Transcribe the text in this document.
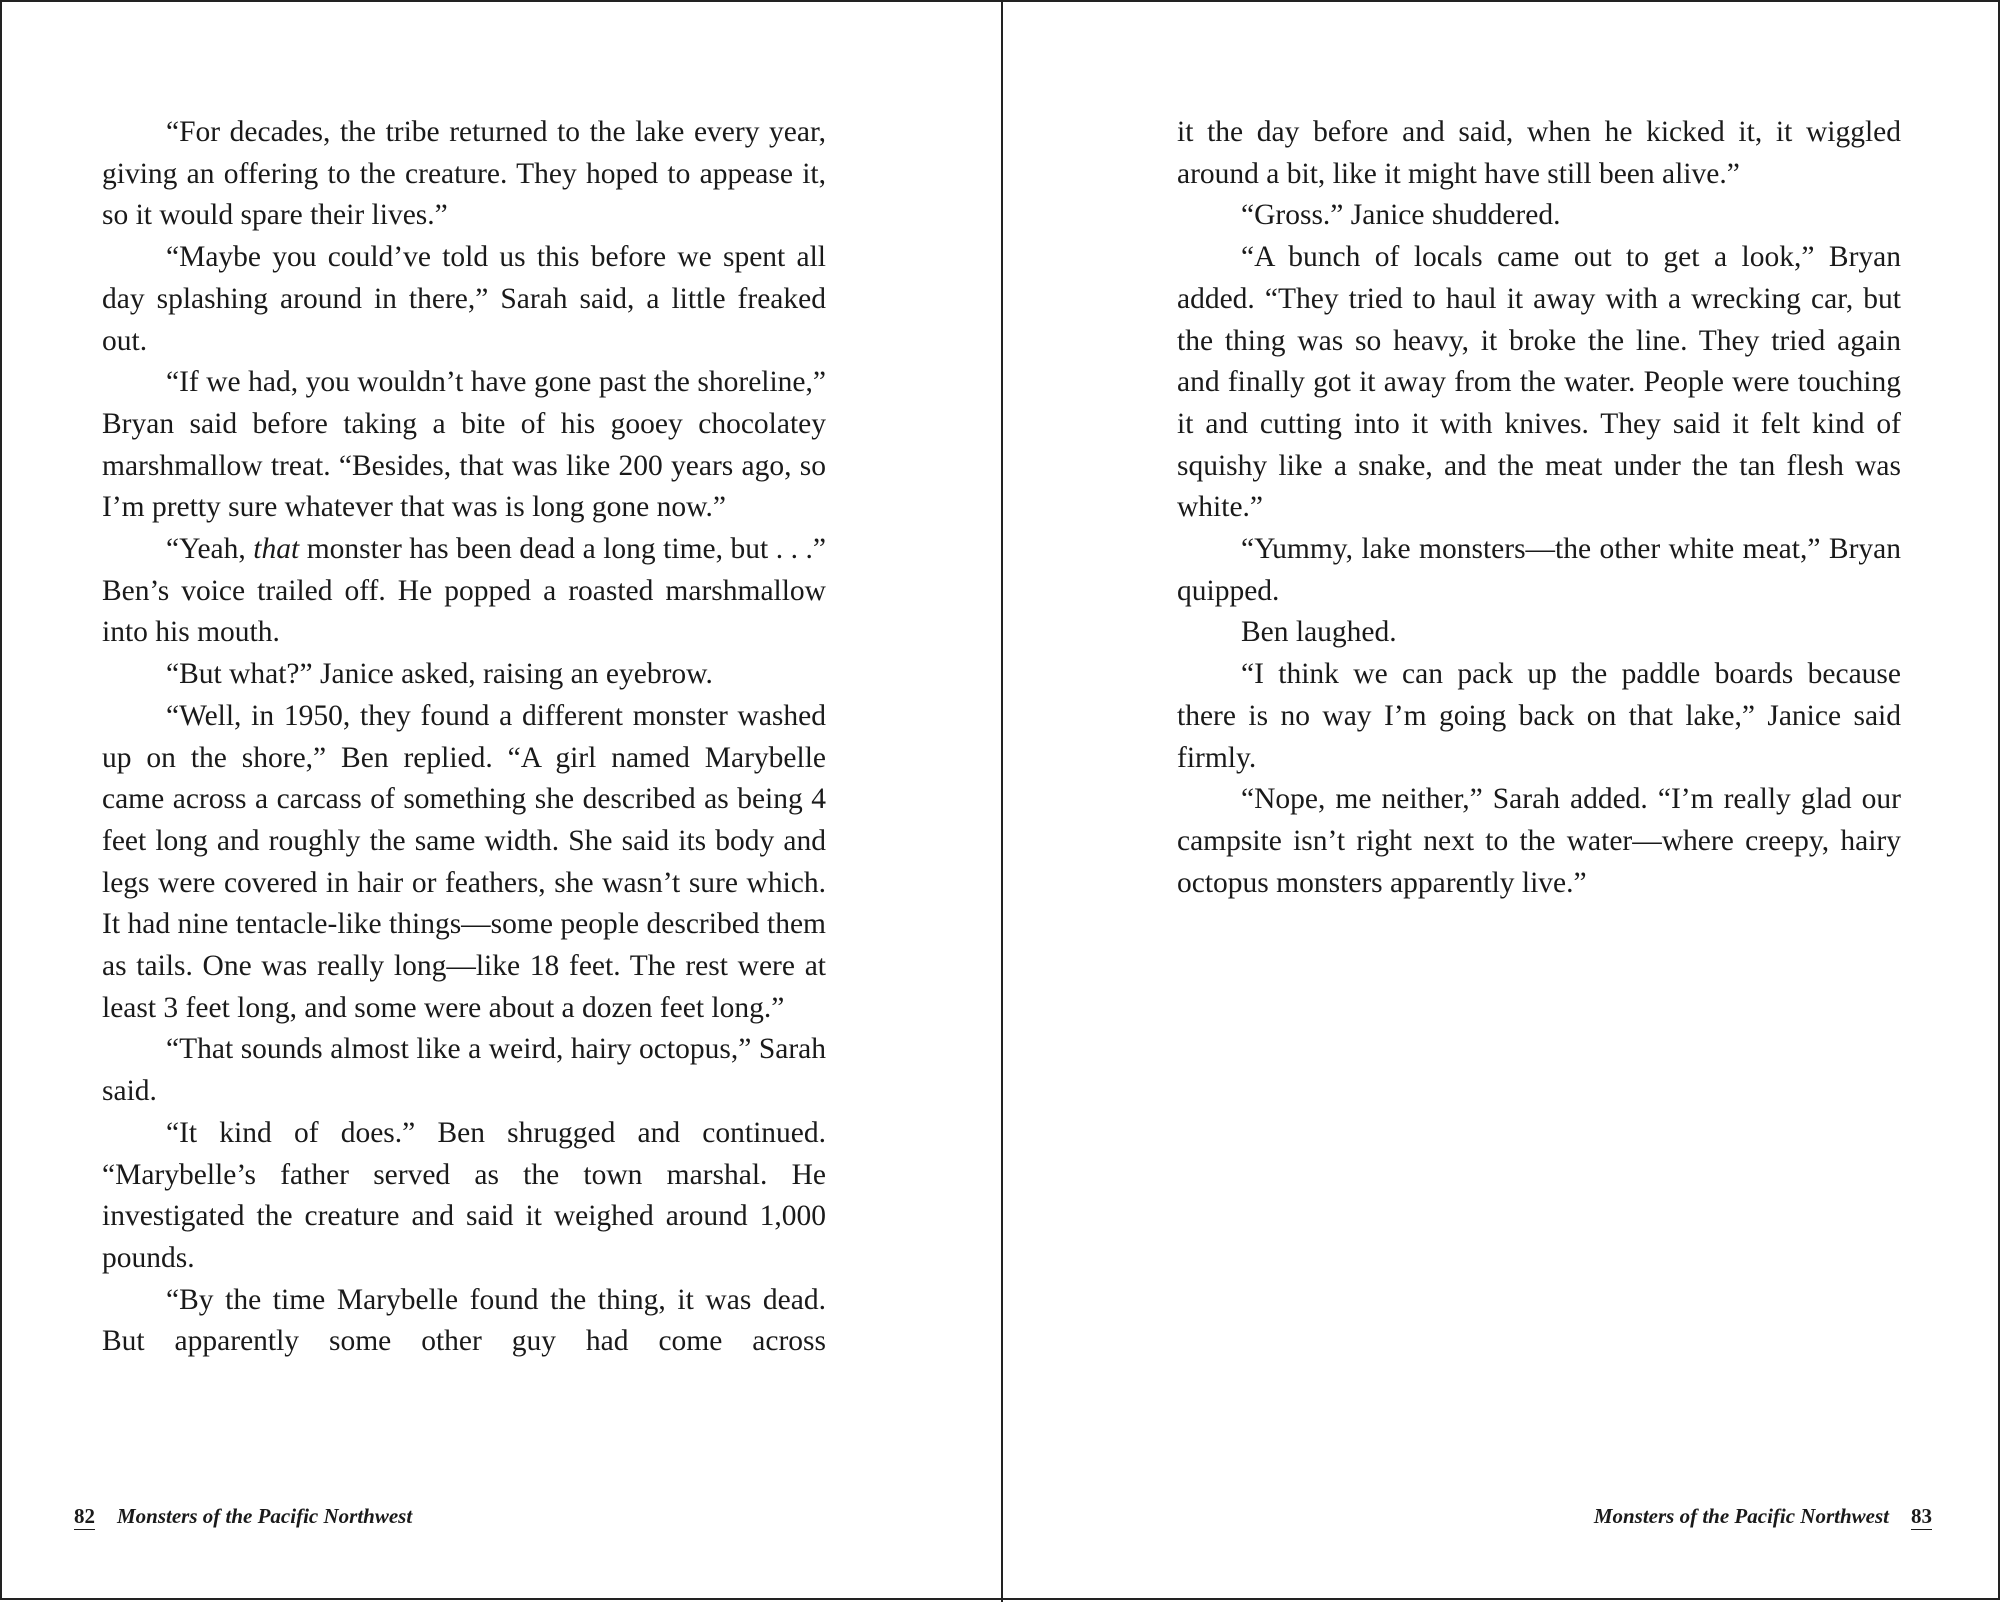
“For decades, the tribe returned to the lake every year, giving an offering to the creature. They hoped to appease it, so it would spare their lives.”

“Maybe you could’ve told us this before we spent all day splashing around in there,” Sarah said, a little freaked out.

“If we had, you wouldn’t have gone past the shoreline,” Bryan said before taking a bite of his gooey chocolatey marshmallow treat. “Besides, that was like 200 years ago, so I’m pretty sure whatever that was is long gone now.”

“Yeah, that monster has been dead a long time, but . . .” Ben’s voice trailed off. He popped a roasted marshmallow into his mouth.

“But what?” Janice asked, raising an eyebrow.

“Well, in 1950, they found a different monster washed up on the shore,” Ben replied. “A girl named Marybelle came across a carcass of something she described as being 4 feet long and roughly the same width. She said its body and legs were covered in hair or feathers, she wasn’t sure which. It had nine tentacle-like things—some people described them as tails. One was really long—like 18 feet. The rest were at least 3 feet long, and some were about a dozen feet long.”

“That sounds almost like a weird, hairy octopus,” Sarah said.

“It kind of does.” Ben shrugged and continued. “Marybelle’s father served as the town marshal. He investigated the creature and said it weighed around 1,000 pounds.

“By the time Marybelle found the thing, it was dead. But apparently some other guy had come across

82 Monsters of the Pacific Northwest

it the day before and said, when he kicked it, it wiggled around a bit, like it might have still been alive.”

“Gross.” Janice shuddered.

“A bunch of locals came out to get a look,” Bryan added. “They tried to haul it away with a wrecking car, but the thing was so heavy, it broke the line. They tried again and finally got it away from the water. People were touching it and cutting into it with knives. They said it felt kind of squishy like a snake, and the meat under the tan flesh was white.”

“Yummy, lake monsters—the other white meat,” Bryan quipped.

Ben laughed.

“I think we can pack up the paddle boards because there is no way I’m going back on that lake,” Janice said firmly.

“Nope, me neither,” Sarah added. “I’m really glad our campsite isn’t right next to the water—where creepy, hairy octopus monsters apparently live.”

Monsters of the Pacific Northwest 83
